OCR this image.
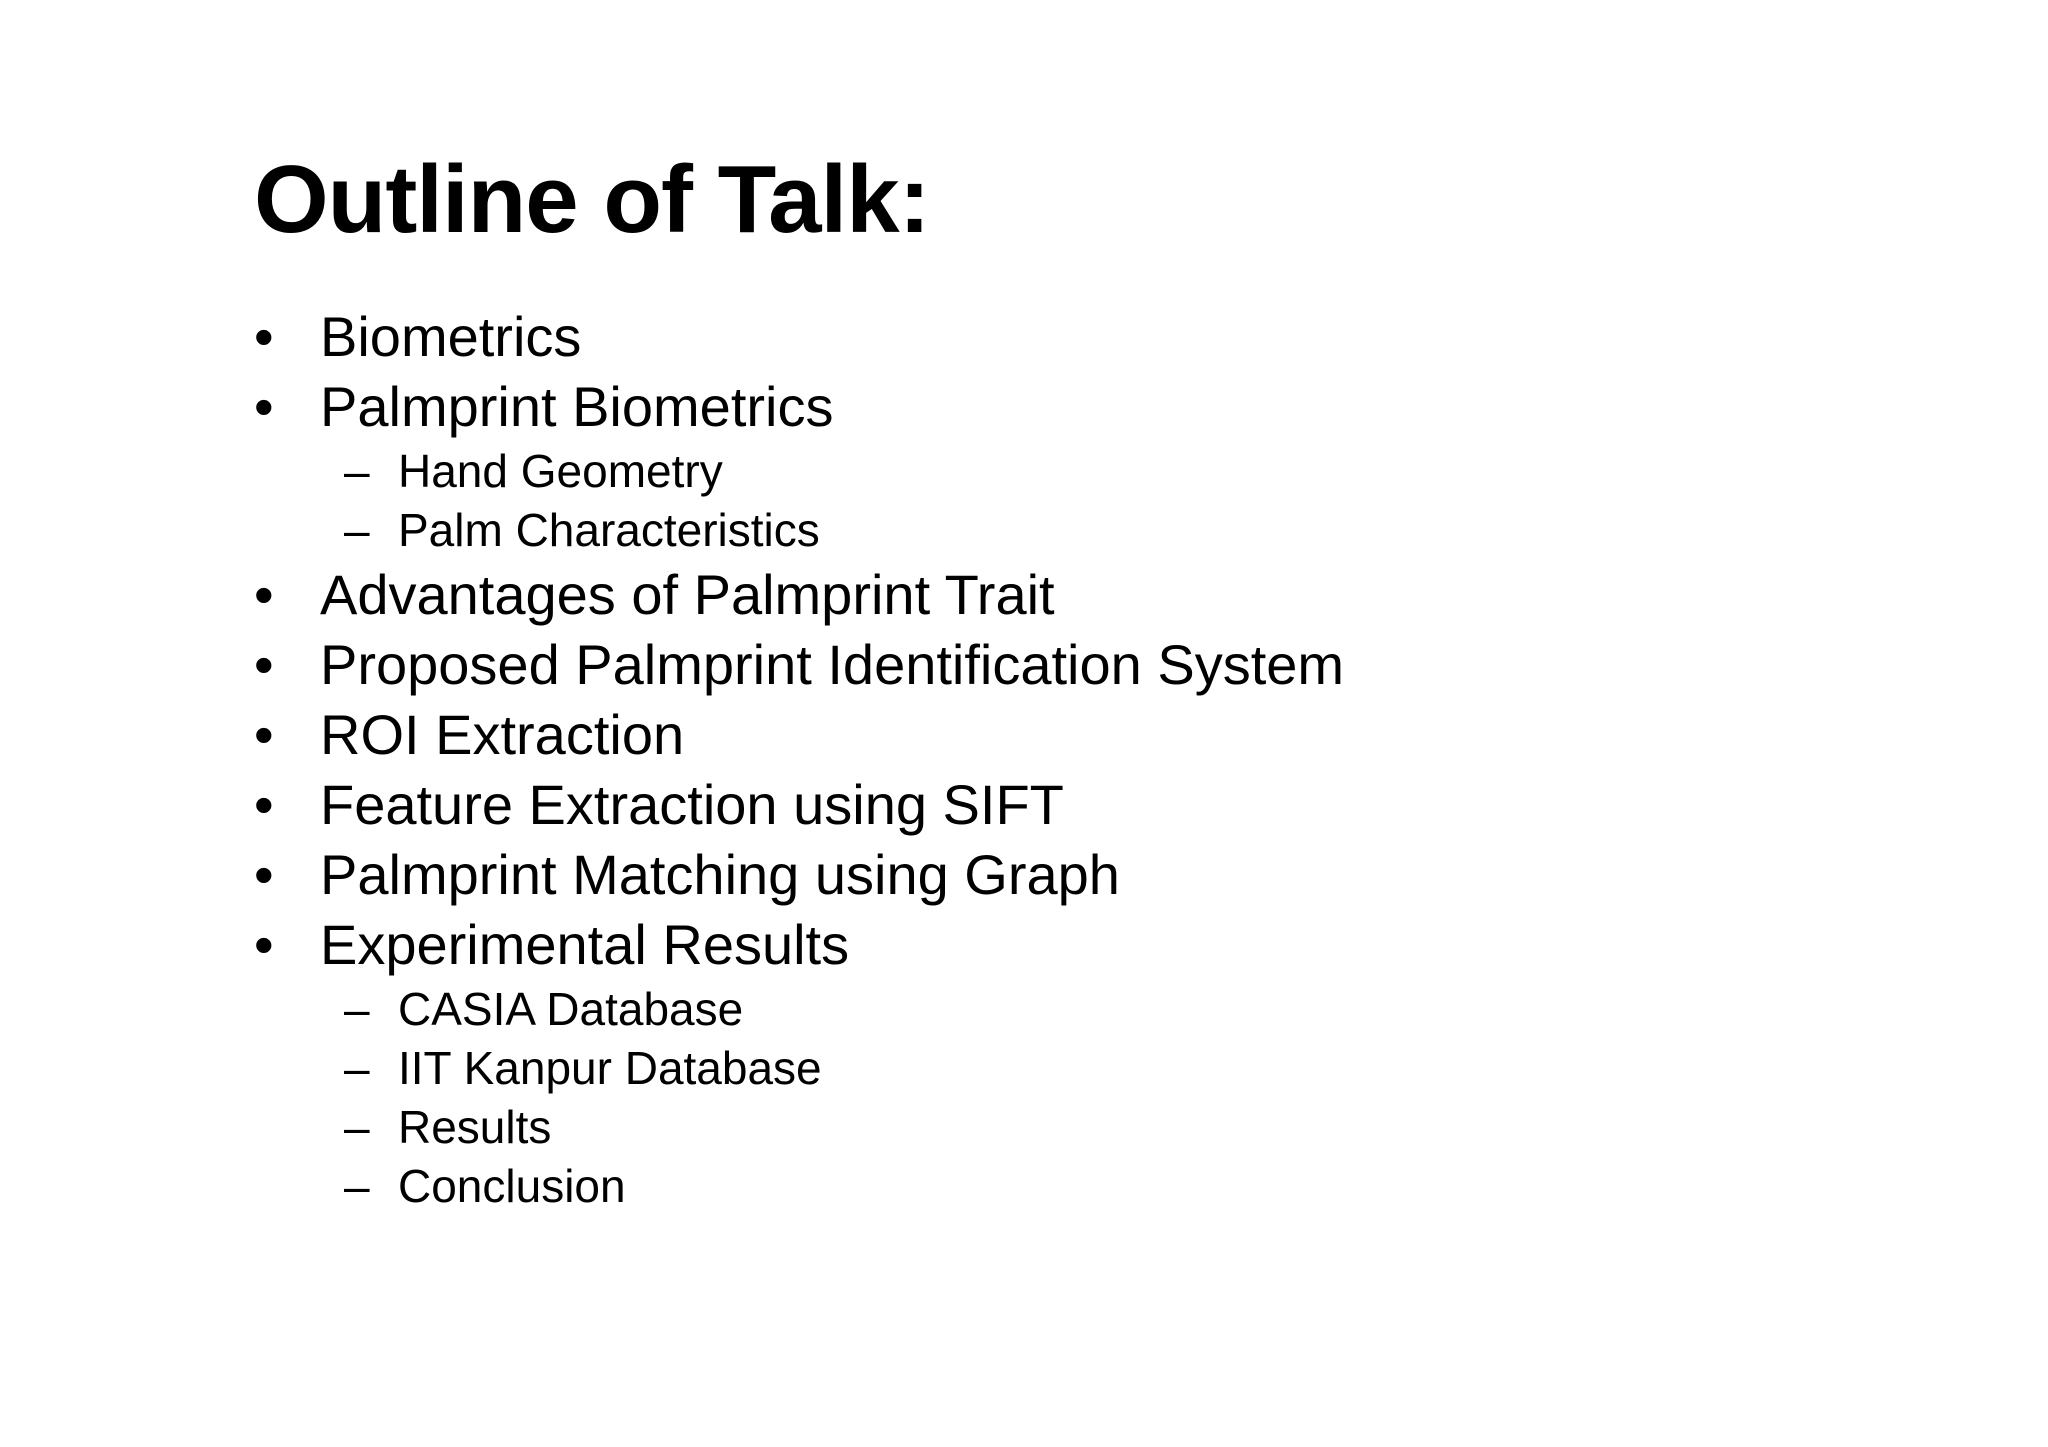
Outline of Talk:
• Biometrics
• Palmprint Biometrics
– Hand Geometry
– Palm Characteristics
• Advantages of Palmprint Trait
• Proposed Palmprint Identification System
• ROI Extraction
• Feature Extraction using SIFT
• Palmprint Matching using Graph
• Experimental Results
– CASIA Database
– IIT Kanpur Database
– Results
– Conclusion
